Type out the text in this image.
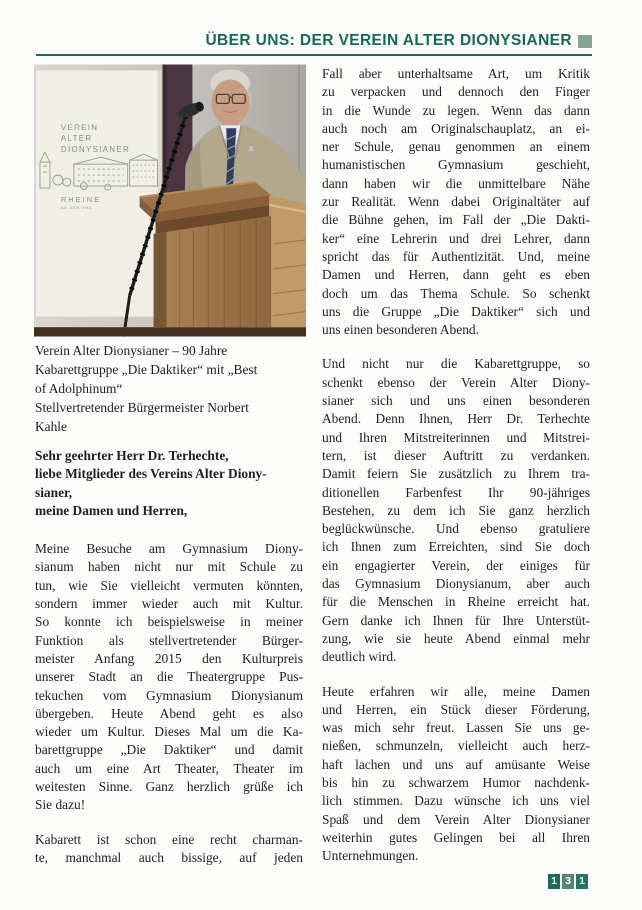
ÜBER UNS: DER VEREIN ALTER DIONYSIANER
VEREIN
ALTER
DIONYSIANER
RHEINE
AN DER EMS
Verein Alter Dionysianer – 90 Jahre
Kabarettgruppe „Die Daktiker“ mit „Best
of Adolphinum“
Stellvertretender Bürgermeister Norbert
Kahle
Sehr geehrter Herr Dr. Terhechte,
liebe Mitglieder des Vereins Alter Diony-
sianer,
meine Damen und Herren,
Meine Besuche am Gymnasium Diony-
sianum haben nicht nur mit Schule zu
tun, wie Sie vielleicht vermuten könnten,
sondern immer wieder auch mit Kultur.
So konnte ich beispielsweise in meiner
Funktion als stellvertretender Bürger-
meister Anfang 2015 den Kulturpreis
unserer Stadt an die Theatergruppe Pus-
tekuchen vom Gymnasium Dionysianum
übergeben. Heute Abend geht es also
wieder um Kultur. Dieses Mal um die Ka-
barettgruppe „Die Daktiker“ und damit
auch um eine Art Theater, Theater im
weitesten Sinne. Ganz herzlich grüße ich
Sie dazu!
Kabarett ist schon eine recht charman-
te, manchmal auch bissige, auf jeden
Fall aber unterhaltsame Art, um Kritik
zu verpacken und dennoch den Finger
in die Wunde zu legen. Wenn das dann
auch noch am Originalschauplatz, an ei-
ner Schule, genau genommen an einem
humanistischen Gymnasium geschieht,
dann haben wir die unmittelbare Nähe
zur Realität. Wenn dabei Originaltäter auf
die Bühne gehen, im Fall der „Die Dakti-
ker“ eine Lehrerin und drei Lehrer, dann
spricht das für Authentizität. Und, meine
Damen und Herren, dann geht es eben
doch um das Thema Schule. So schenkt
uns die Gruppe „Die Daktiker“ sich und
uns einen besonderen Abend.
Und nicht nur die Kabarettgruppe, so
schenkt ebenso der Verein Alter Diony-
sianer sich und uns einen besonderen
Abend. Denn Ihnen, Herr Dr. Terhechte
und Ihren Mitstreiterinnen und Mitstrei-
tern, ist dieser Auftritt zu verdanken.
Damit feiern Sie zusätzlich zu Ihrem tra-
ditionellen Farbenfest Ihr 90-jähriges
Bestehen, zu dem ich Sie ganz herzlich
beglückwünsche. Und ebenso gratuliere
ich Ihnen zum Erreichten, sind Sie doch
ein engagierter Verein, der einiges für
das Gymnasium Dionysianum, aber auch
für die Menschen in Rheine erreicht hat.
Gern danke ich Ihnen für Ihre Unterstüt-
zung, wie sie heute Abend einmal mehr
deutlich wird.
Heute erfahren wir alle, meine Damen
und Herren, ein Stück dieser Förderung,
was mich sehr freut. Lassen Sie uns ge-
nießen, schmunzeln, vielleicht auch herz-
haft lachen und uns auf amüsante Weise
bis hin zu schwarzem Humor nachdenk-
lich stimmen. Dazu wünsche ich uns viel
Spaß und dem Verein Alter Dionysianer
weiterhin gutes Gelingen bei all Ihren
Unternehmungen.
1 3 1
